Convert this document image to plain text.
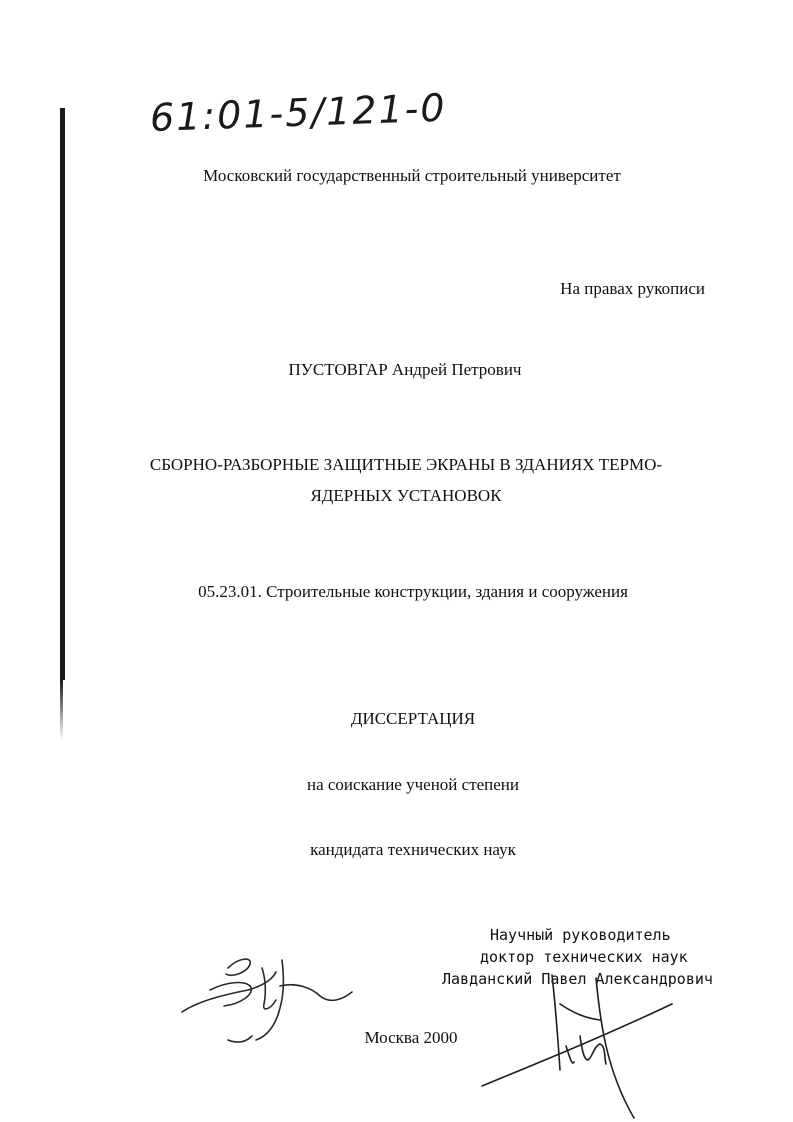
61:01-5/121-0
Московский государственный строительный университет
На правах рукописи
ПУСТОВГАР Андрей Петрович
СБОРНО-РАЗБОРНЫЕ ЗАЩИТНЫЕ ЭКРАНЫ В ЗДАНИЯХ ТЕРМО-
ЯДЕРНЫХ УСТАНОВОК
05.23.01. Строительные конструкции, здания и сооружения
ДИССЕРТАЦИЯ
на соискание ученой степени
кандидата технических наук
Научный руководитель
доктор технических наук
Лавданский Павел Александрович
Москва 2000
